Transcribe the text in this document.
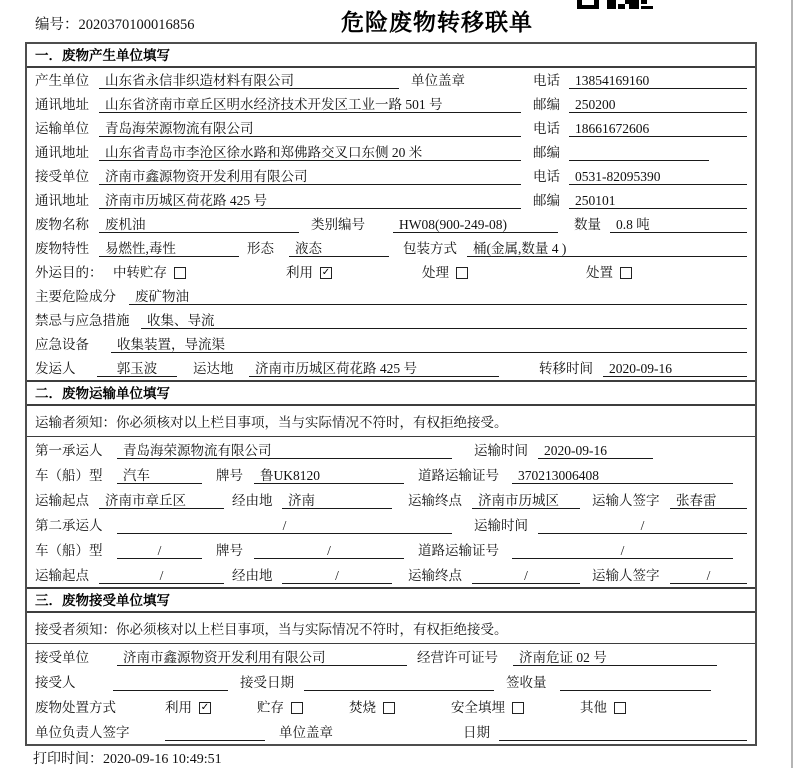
编号：2020370100016856	危险废物转移联单
一．废物产生单位填写
产生单位	山东省永信非织造材料有限公司	单位盖章	电话	13854169160
通讯地址	山东省济南市章丘区明水经济技术开发区工业一路 501 号	邮编	250200
运输单位	青岛海荣源物流有限公司	电话	18661672606
通讯地址	山东省青岛市李沧区徐水路和郑佛路交叉口东侧 20 米	邮编
接受单位	济南市鑫源物资开发利用有限公司	电话	0531-82095390
通讯地址	济南市历城区荷花路 425 号	邮编	250101
废物名称	废机油	类别编号	HW08(900-249-08)	数量	0.8 吨
废物特性	易燃性,毒性	形态	液态	包装方式	桶(金属,数量 4 )
外运目的： 中转贮存	利用 ✓	处理	处置
主要危险成分	废矿物油
禁忌与应急措施	收集、导流
应急设备	收集装置，导流渠
发运人	郭玉波	运达地	济南市历城区荷花路 425 号	转移时间	2020-09-16
二．废物运输单位填写
运输者须知：你必须核对以上栏目事项，当与实际情况不符时，有权拒绝接受。
第一承运人	青岛海荣源物流有限公司	运输时间	2020-09-16
车（船）型	汽车	牌号	鲁UK8120	道路运输证号	370213006408
运输起点	济南市章丘区	经由地	济南	运输终点	济南市历城区	运输人签字	张春雷
第二承运人	/	运输时间	/
车（船）型	/	牌号	/	道路运输证号	/
运输起点	/	经由地	/	运输终点	/	运输人签字	/
三．废物接受单位填写
接受者须知：你必须核对以上栏目事项，当与实际情况不符时，有权拒绝接受。
接受单位	济南市鑫源物资开发利用有限公司	经营许可证号	济南危证 02 号
接受人	接受日期	签收量
废物处置方式	利用 ✓	贮存	焚烧	安全填埋	其他
单位负责人签字	单位盖章	日期
打印时间：2020-09-16 10:49:51
